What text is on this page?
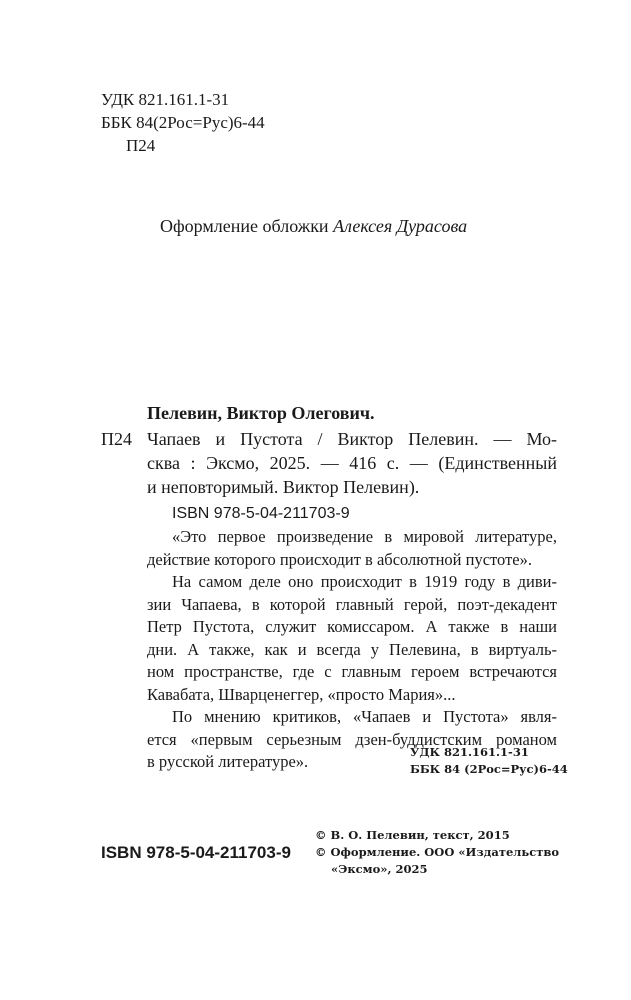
УДК 821.161.1-31
ББК 84(2Рос=Рус)6-44
П24
Оформление обложки Алексея Дурасова
Пелевин, Виктор Олегович.
П24 Чапаев и Пустота / Виктор Пелевин. — Мо-
сква : Эксмо, 2025. — 416 с. — (Единственный
и неповторимый. Виктор Пелевин).
ISBN 978-5-04-211703-9
«Это первое произведение в мировой литературе,
действие которого происходит в абсолютной пустоте».
На самом деле оно происходит в 1919 году в диви-
зии Чапаева, в которой главный герой, поэт-декадент
Петр Пустота, служит комиссаром. А также в наши
дни. А также, как и всегда у Пелевина, в виртуаль-
ном пространстве, где с главным героем встречаются
Кавабата, Шварценеггер, «просто Мария»...
По мнению критиков, «Чапаев и Пустота» явля-
ется «первым серьезным дзен-буддистским романом
в русской литературе».	УДК 821.161.1-31
ББК 84 (2Рос=Рус)6-44
© В. О. Пелевин, текст, 2015
© Оформление. ООО «Издательство
«Эксмо», 2025
ISBN 978-5-04-211703-9
